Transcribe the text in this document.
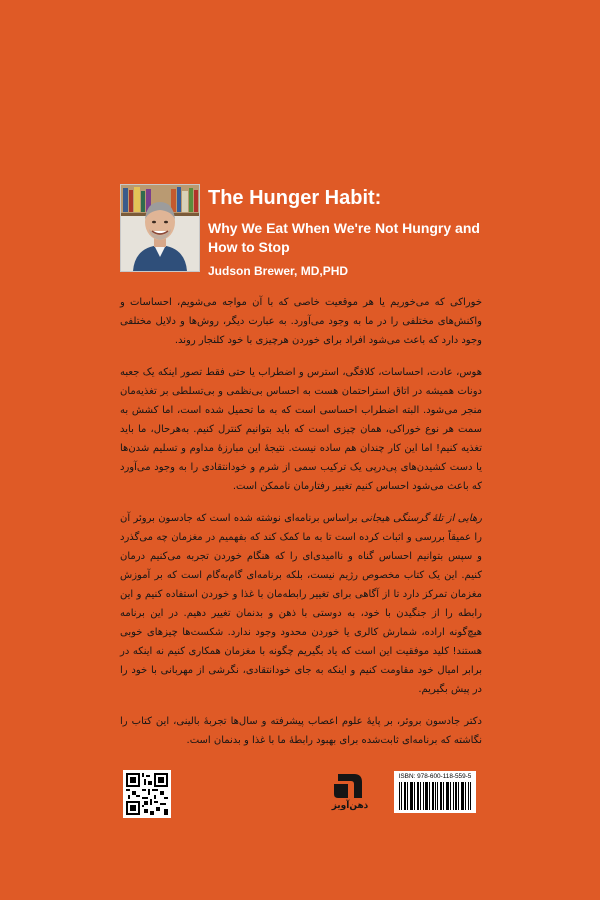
The Hunger Habit:
Why We Eat When We're Not Hungry and How to Stop
Judson Brewer, MD,PHD

خوراکی که می‌خوریم یا هر موقعیت خاصی که با آن مواجه می‌شویم، احساسات و واکنش‌های مختلفی را در ما به وجود می‌آورد. به عبارت دیگر، روش‌ها و دلایل مختلفی وجود دارد که باعث می‌شود افراد برای خوردن هرچیزی با خود کلنجار روند.

هوس، عادت، احساسات، کلافگی، استرس و اضطراب یا حتی فقط تصور اینکه یک جعبه دونات همیشه در اتاق استراحتمان هست به احساس بی‌نظمی و بی‌تسلطی بر تغذیه‌مان منجر می‌شود. البته اضطراب احساسی است که به ما تحمیل شده است، اما کشش به سمت هر نوع خوراکی، همان چیزی است که باید بتوانیم کنترل کنیم. به‌هرحال، ما باید تغذیه کنیم! اما این کار چندان هم ساده نیست. نتیجهٔ این مبارزهٔ مداوم و تسلیم شدن‌ها یا دست کشیدن‌های پی‌درپی یک ترکیب سمی از شرم و خودانتقادی را به وجود می‌آورد که باعث می‌شود احساس کنیم تغییر رفتارمان ناممکن است.

رهایی از تلهٔ گرسنگی هیجانی براساس برنامه‌ای نوشته شده است که جادسون بروئر آن را عمیقاً بررسی و اثبات کرده است تا به ما کمک کند که بفهمیم در مغزمان چه می‌گذرد و سپس بتوانیم احساس گناه و ناامیدی‌ای را که هنگام خوردن تجربه می‌کنیم درمان کنیم. این یک کتاب مخصوص رژیم نیست، بلکه برنامه‌ای گام‌به‌گام است که بر آموزش مغزمان تمرکز دارد تا از آگاهی برای تغییر رابطه‌مان با غذا و خوردن استفاده کنیم و این رابطه را از جنگیدن با خود، به دوستی با ذهن و بدنمان تغییر دهیم. در این برنامه هیچ‌گونه اراده، شمارش کالری یا خوردن محدود وجود ندارد. شکست‌ها چیزهای خوبی هستند! کلید موفقیت این است که یاد بگیریم چگونه با مغزمان همکاری کنیم نه اینکه در برابر امیال خود مقاومت کنیم و اینکه به جای خودانتقادی، نگرشی از مهربانی با خود را در پیش بگیریم.

دکتر جادسون بروئر، بر پایهٔ علوم اعصاب پیشرفته و سال‌ها تجربهٔ بالینی، این کتاب را نگاشته که برنامه‌ای ثابت‌شده برای بهبود رابطهٔ ما با غذا و بدنمان است.

ذهن‌آویز
ISBN: 978-600-118-559-5
